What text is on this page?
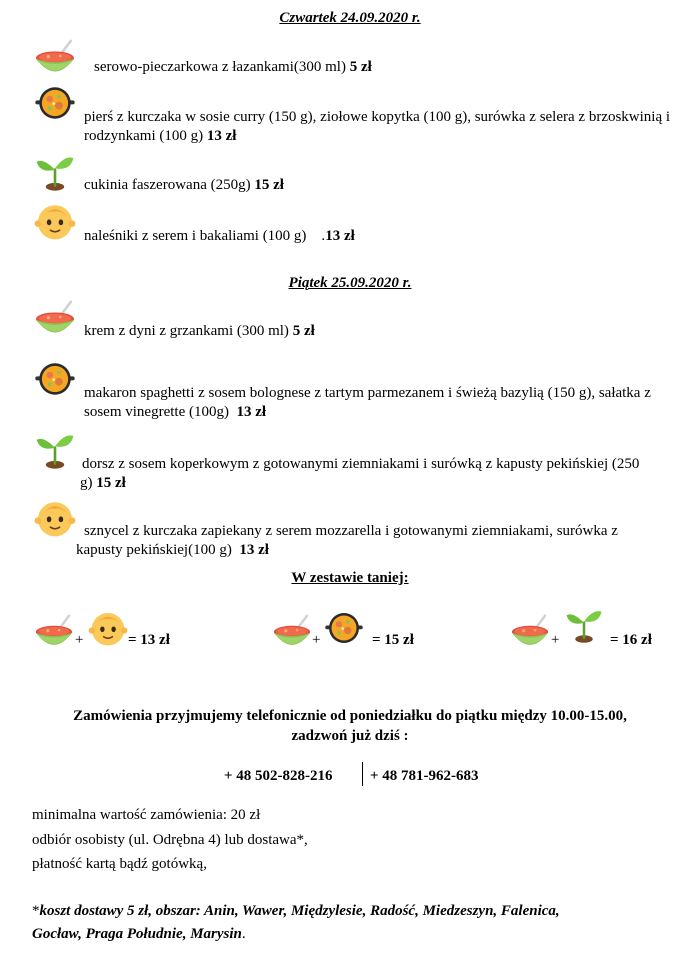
Czwartek 24.09.2020 r.
serowo-pieczarkowa z łazankami(300 ml) 5 zł
pierś z kurczaka w sosie curry (150 g), ziołowe kopytka (100 g), surówka z selera z brzoskwinią i rodzynkami (100 g) 13 zł
cukinia faszerowana (250g) 15 zł
naleśniki z serem i bakaliami (100 g)    .13 zł
Piątek 25.09.2020 r.
krem z dyni z grzankami (300 ml) 5 zł
makaron spaghetti z sosem bolognese z tartym parmezanem i świeżą bazylią (150 g), sałatka z sosem vinegrette (100g)  13 zł
dorsz z sosem koperkowym z gotowanymi ziemniakami i surówką z kapusty pekińskiej (250 g) 15 zł
sznycel z kurczaka zapiekany z serem mozzarella i gotowanymi ziemniakami, surówka z kapusty pekińskiej(100 g)  13 zł
W zestawie taniej:
+	= 13 zł	+	= 15 zł	+	= 16 zł
Zamówienia przyjmujemy telefonicznie od poniedziałku do piątku między 10.00-15.00,
zadzwoń już dziś :
+ 48 502-828-216 + 48 781-962-683
minimalna wartość zamówienia: 20 zł
odbiór osobisty (ul. Odrębna 4) lub dostawa*,
płatność kartą bądź gotówką,
*koszt dostawy 5 zł, obszar: Anin, Wawer, Międzylesie, Radość, Miedzeszyn, Falenica,
Gocław, Praga Południe, Marysin.
